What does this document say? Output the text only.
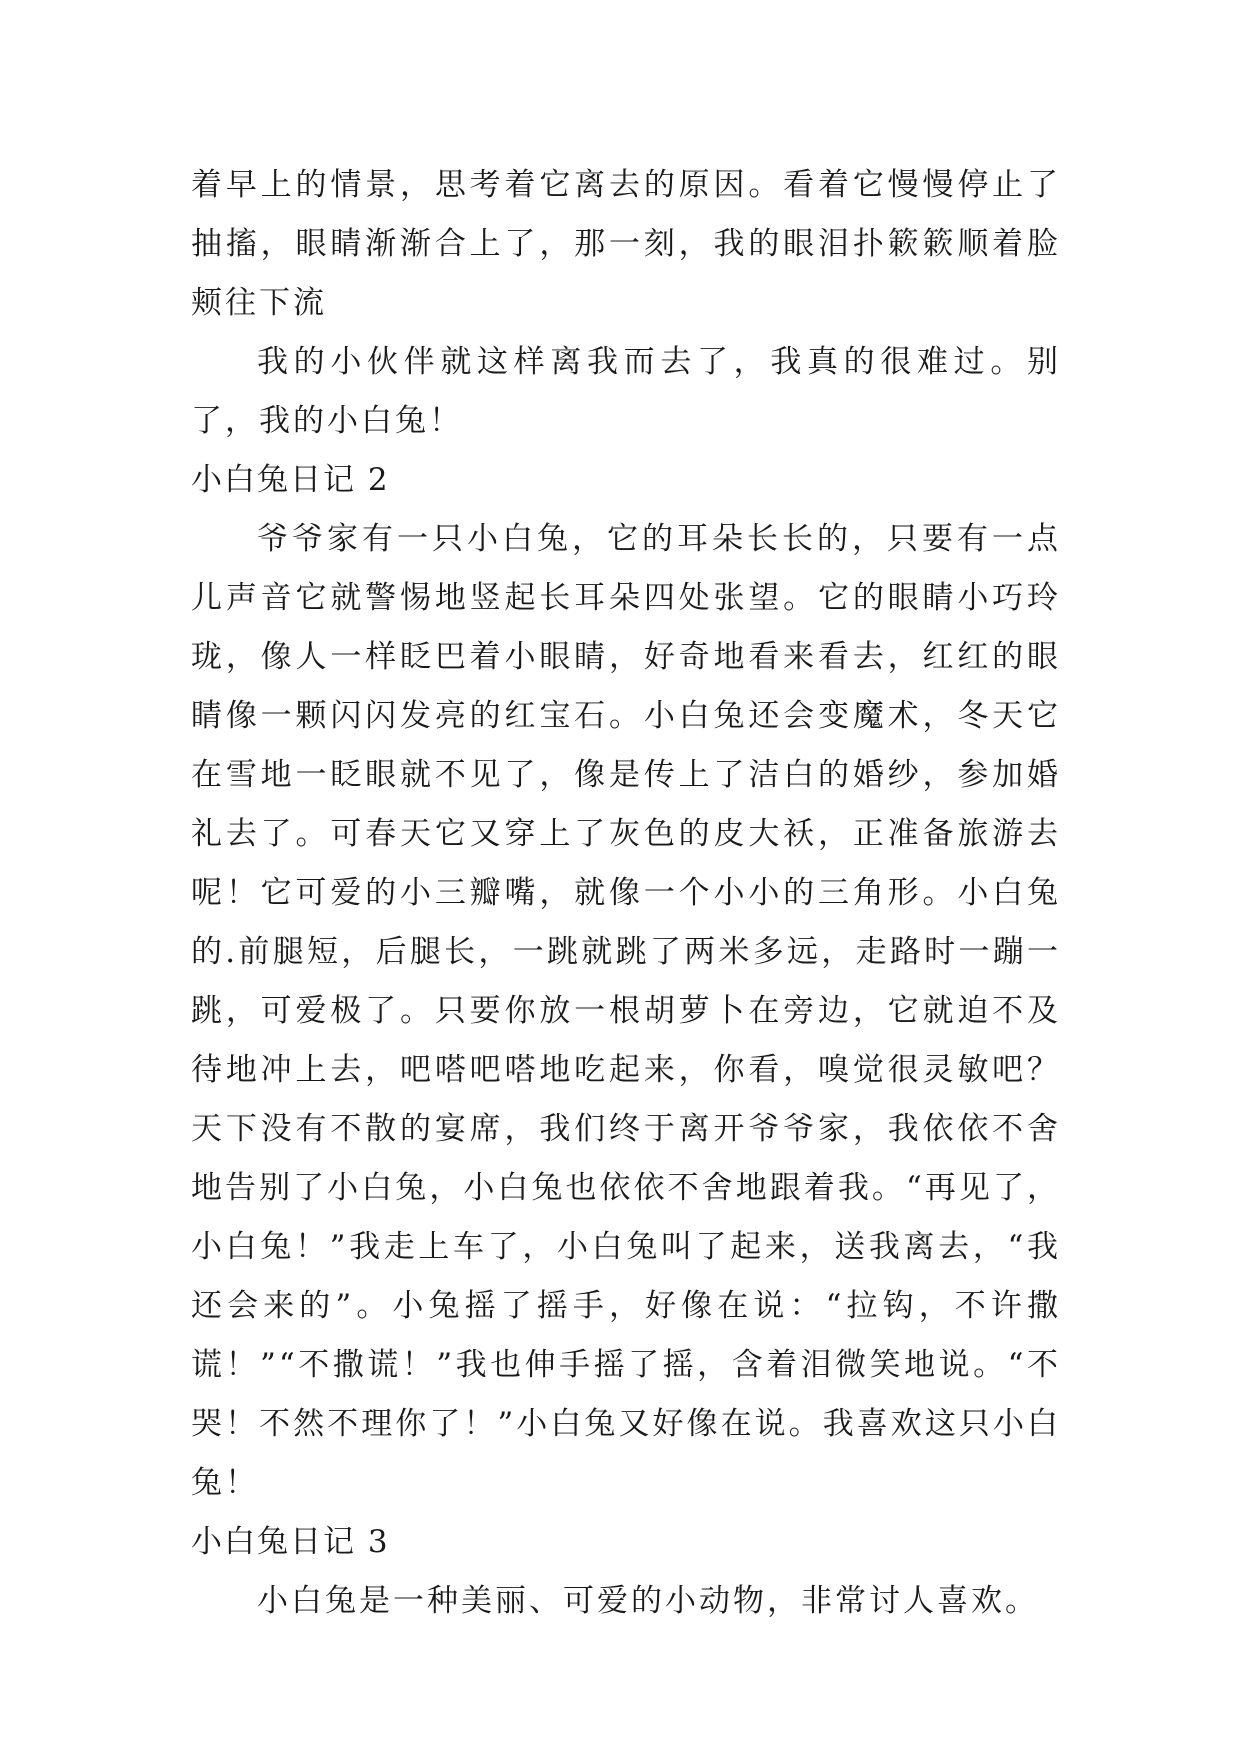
着早上的情景，思考着它离去的原因。看着它慢慢停止了抽搐，眼睛渐渐合上了，那一刻，我的眼泪扑簌簌顺着脸颊往下流

我的小伙伴就这样离我而去了，我真的很难过。别了，我的小白兔！

小白兔日记 2

爷爷家有一只小白兔，它的耳朵长长的，只要有一点儿声音它就警惕地竖起长耳朵四处张望。它的眼睛小巧玲珑，像人一样眨巴着小眼睛，好奇地看来看去，红红的眼睛像一颗闪闪发亮的红宝石。小白兔还会变魔术，冬天它在雪地一眨眼就不见了，像是传上了洁白的婚纱，参加婚礼去了。可春天它又穿上了灰色的皮大袄，正准备旅游去呢！它可爱的小三瓣嘴，就像一个小小的三角形。小白兔的.前腿短，后腿长，一跳就跳了两米多远，走路时一蹦一跳，可爱极了。只要你放一根胡萝卜在旁边，它就迫不及待地冲上去，吧嗒吧嗒地吃起来，你看，嗅觉很灵敏吧？天下没有不散的宴席，我们终于离开爷爷家，我依依不舍地告别了小白兔，小白兔也依依不舍地跟着我。“再见了，小白兔！”我走上车了，小白兔叫了起来，送我离去，“我还会来的”。小兔摇了摇手，好像在说：“拉钩，不许撒谎！”“不撒谎！”我也伸手摇了摇，含着泪微笑地说。“不哭！不然不理你了！”小白兔又好像在说。我喜欢这只小白兔！

小白兔日记 3

小白兔是一种美丽、可爱的小动物，非常讨人喜欢。
